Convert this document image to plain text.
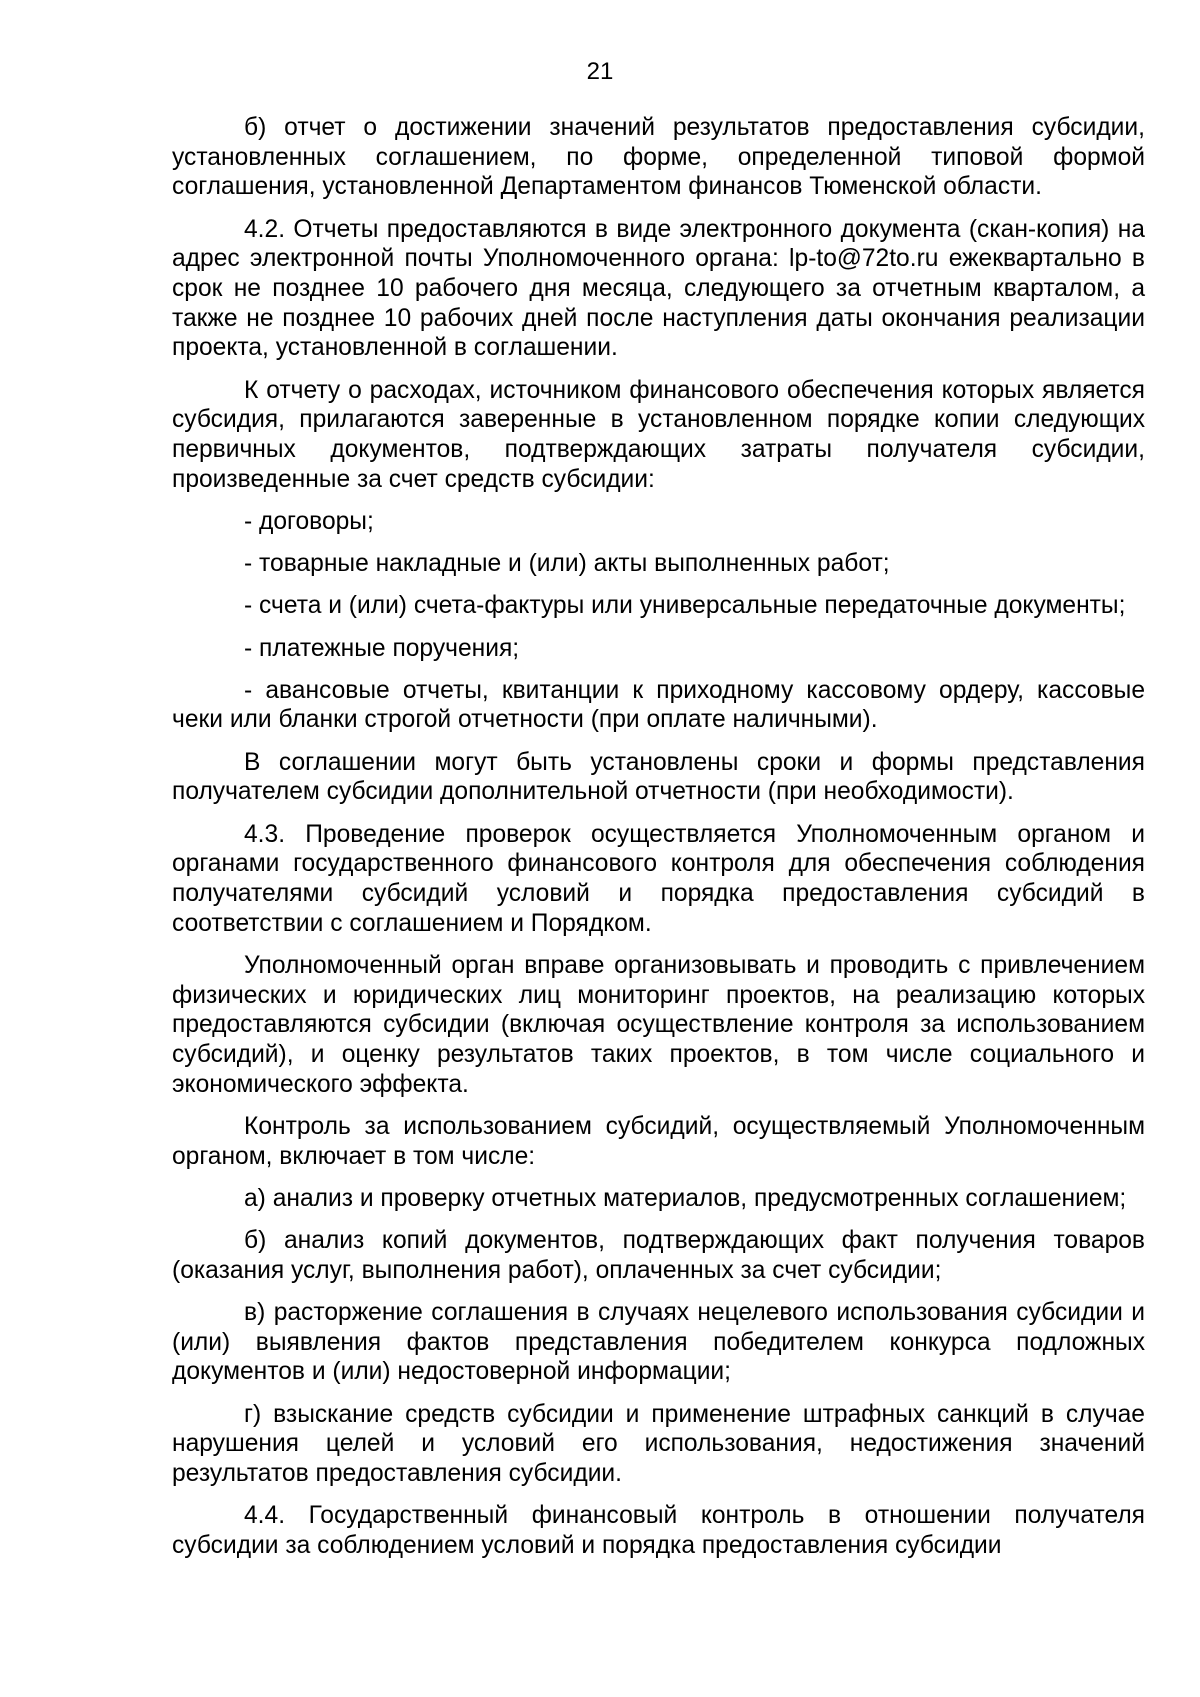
21

б) отчет о достижении значений результатов предоставления субсидии, установленных соглашением, по форме, определенной типовой формой соглашения, установленной Департаментом финансов Тюменской области.

4.2. Отчеты предоставляются в виде электронного документа (скан-копия) на адрес электронной почты Уполномоченного органа: lp-to@72to.ru ежеквартально в срок не позднее 10 рабочего дня месяца, следующего за отчетным кварталом, а также не позднее 10 рабочих дней после наступления даты окончания реализации проекта, установленной в соглашении.

К отчету о расходах, источником финансового обеспечения которых является субсидия, прилагаются заверенные в установленном порядке копии следующих первичных документов, подтверждающих затраты получателя субсидии, произведенные за счет средств субсидии:

- договоры;

- товарные накладные и (или) акты выполненных работ;

- счета и (или) счета-фактуры или универсальные передаточные документы;

- платежные поручения;

- авансовые отчеты, квитанции к приходному кассовому ордеру, кассовые чеки или бланки строгой отчетности (при оплате наличными).

В соглашении могут быть установлены сроки и формы представления получателем субсидии дополнительной отчетности (при необходимости).

4.3. Проведение проверок осуществляется Уполномоченным органом и органами государственного финансового контроля для обеспечения соблюдения получателями субсидий условий и порядка предоставления субсидий в соответствии с соглашением и Порядком.

Уполномоченный орган вправе организовывать и проводить с привлечением физических и юридических лиц мониторинг проектов, на реализацию которых предоставляются субсидии (включая осуществление контроля за использованием субсидий), и оценку результатов таких проектов, в том числе социального и экономического эффекта.

Контроль за использованием субсидий, осуществляемый Уполномоченным органом, включает в том числе:

а) анализ и проверку отчетных материалов, предусмотренных соглашением;

б) анализ копий документов, подтверждающих факт получения товаров (оказания услуг, выполнения работ), оплаченных за счет субсидии;

в) расторжение соглашения в случаях нецелевого использования субсидии и (или) выявления фактов представления победителем конкурса подложных документов и (или) недостоверной информации;

г) взыскание средств субсидии и применение штрафных санкций в случае нарушения целей и условий его использования, недостижения значений результатов предоставления субсидии.

4.4. Государственный финансовый контроль в отношении получателя субсидии за соблюдением условий и порядка предоставления субсидии
